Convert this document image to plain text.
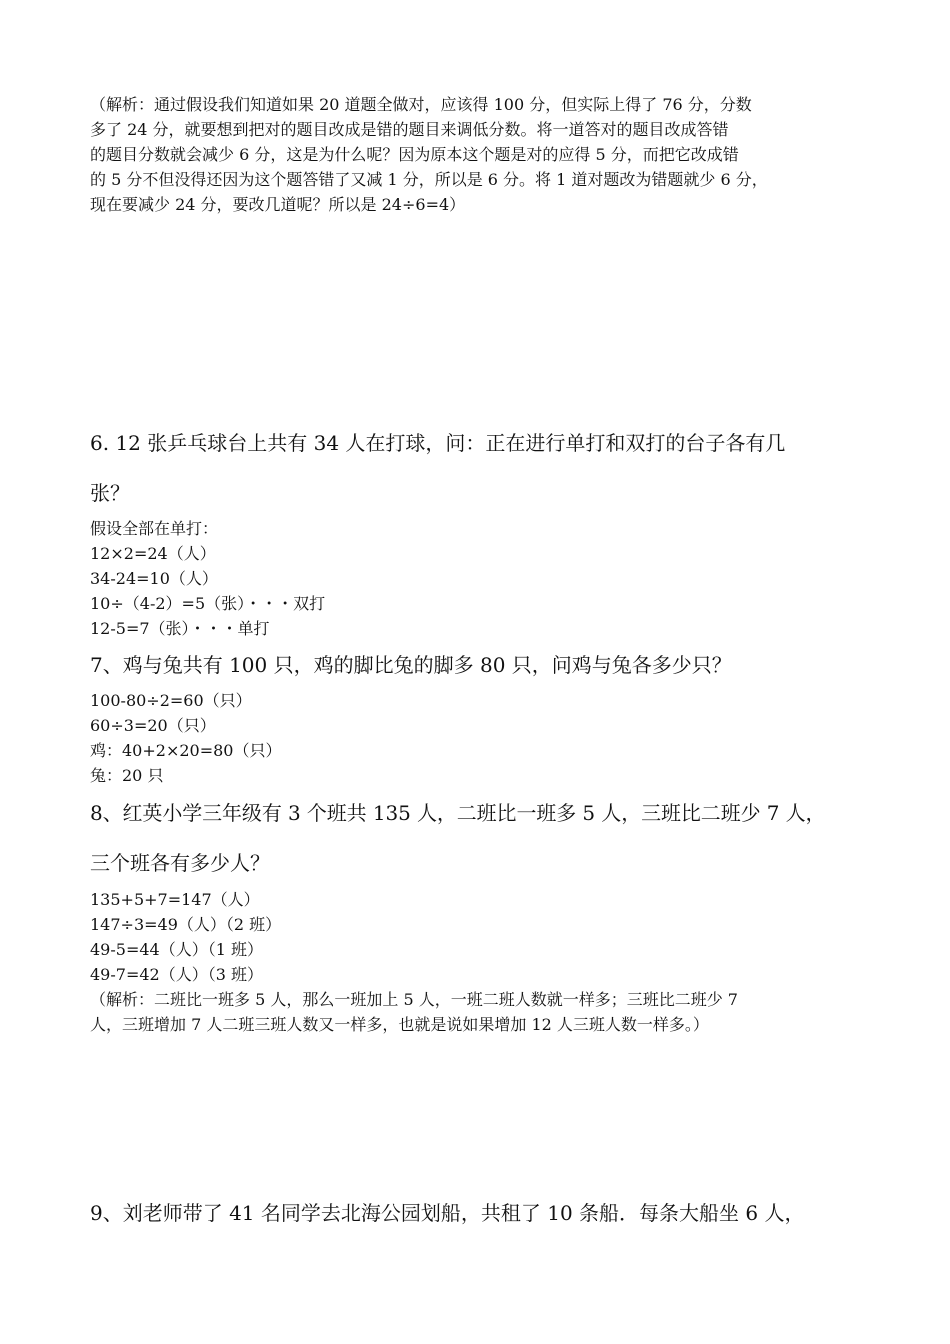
（解析：通过假设我们知道如果 20 道题全做对，应该得 100 分，但实际上得了 76 分，分数
多了 24 分，就要想到把对的题目改成是错的题目来调低分数。将一道答对的题目改成答错
的题目分数就会减少 6 分，这是为什么呢？因为原本这个题是对的应得 5 分，而把它改成错
的 5 分不但没得还因为这个题答错了又减 1 分，所以是 6 分。将 1 道对题改为错题就少 6 分，
现在要减少 24 分，要改几道呢？所以是 24÷6=4）
6. 12 张乒乓球台上共有 34 人在打球，问：正在进行单打和双打的台子各有几
张？
假设全部在单打：
12×2=24（人）
34-24=10（人）
10÷（4-2）=5（张）・・・双打
12-5=7（张）・・・单打
7、鸡与兔共有 100 只，鸡的脚比兔的脚多 80 只，问鸡与兔各多少只？
100-80÷2=60（只）
60÷3=20（只）
鸡：40+2×20=80（只）
兔：20 只
8、红英小学三年级有 3 个班共 135 人，二班比一班多 5 人，三班比二班少 7 人，
三个班各有多少人？
135+5+7=147（人）
147÷3=49（人）（2 班）
49-5=44（人）（1 班）
49-7=42（人）（3 班）
（解析：二班比一班多 5 人，那么一班加上 5 人，一班二班人数就一样多；三班比二班少 7
人，三班增加 7 人二班三班人数又一样多，也就是说如果增加 12 人三班人数一样多。）
9、刘老师带了 41 名同学去北海公园划船，共租了 10 条船．每条大船坐 6 人，
